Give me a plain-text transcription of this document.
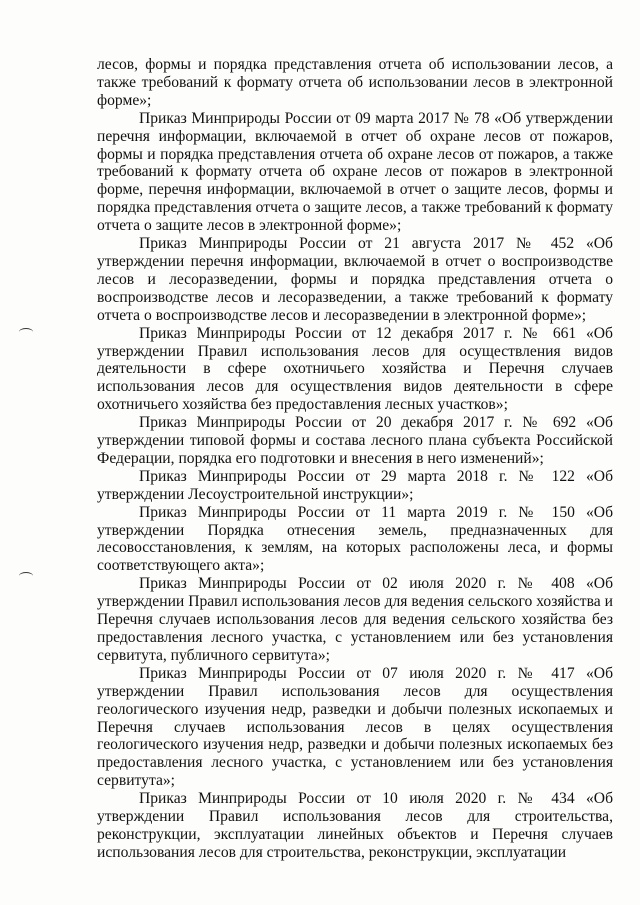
лесов, формы и порядка представления отчета об использовании лесов, а также требований к формату отчета об использовании лесов в электронной форме»;

Приказ Минприроды России от 09 марта 2017 № 78 «Об утверждении перечня информации, включаемой в отчет об охране лесов от пожаров, формы и порядка представления отчета об охране лесов от пожаров, а также требований к формату отчета об охране лесов от пожаров в электронной форме, перечня информации, включаемой в отчет о защите лесов, формы и порядка представления отчета о защите лесов, а также требований к формату отчета о защите лесов в электронной форме»;

Приказ Минприроды России от 21 августа 2017 № 452 «Об утверждении перечня информации, включаемой в отчет о воспроизводстве лесов и лесоразведении, формы и порядка представления отчета о воспроизводстве лесов и лесоразведении, а также требований к формату отчета о воспроизводстве лесов и лесоразведении в электронной форме»;

Приказ Минприроды России от 12 декабря 2017 г. № 661 «Об утверждении Правил использования лесов для осуществления видов деятельности в сфере охотничьего хозяйства и Перечня случаев использования лесов для осуществления видов деятельности в сфере охотничьего хозяйства без предоставления лесных участков»;

Приказ Минприроды России от 20 декабря 2017 г. № 692 «Об утверждении типовой формы и состава лесного плана субъекта Российской Федерации, порядка его подготовки и внесения в него изменений»;

Приказ Минприроды России от 29 марта 2018 г. № 122 «Об утверждении Лесоустроительной инструкции»;

Приказ Минприроды России от 11 марта 2019 г. № 150 «Об утверждении Порядка отнесения земель, предназначенных для лесовосстановления, к землям, на которых расположены леса, и формы соответствующего акта»;

Приказ Минприроды России от 02 июля 2020 г. № 408 «Об утверждении Правил использования лесов для ведения сельского хозяйства и Перечня случаев использования лесов для ведения сельского хозяйства без предоставления лесного участка, с установлением или без установления сервитута, публичного сервитута»;

Приказ Минприроды России от 07 июля 2020 г. № 417 «Об утверждении Правил использования лесов для осуществления геологического изучения недр, разведки и добычи полезных ископаемых и Перечня случаев использования лесов в целях осуществления геологического изучения недр, разведки и добычи полезных ископаемых без предоставления лесного участка, с установлением или без установления сервитута»;

Приказ Минприроды России от 10 июля 2020 г. № 434 «Об утверждении Правил использования лесов для строительства, реконструкции, эксплуатации линейных объектов и Перечня случаев использования лесов для строительства, реконструкции, эксплуатации
